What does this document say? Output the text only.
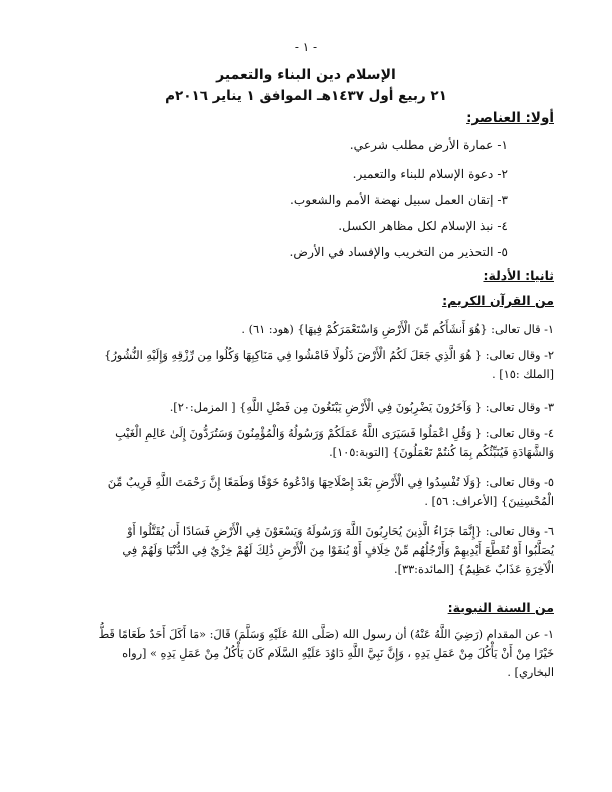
- ١ -
الإسلام دين البناء والتعمير
٢١ ربيع أول ١٤٣٧هـ الموافق ١ يناير ٢٠١٦م
أولا: العناصر:
١- عمارة الأرض مطلب شرعي.
٢- دعوة الإسلام للبناء والتعمير.
٣- إتقان العمل سبيل نهضة الأمم والشعوب.
٤- نبذ الإسلام لكل مظاهر الكسل.
٥- التحذير من التخريب والإفساد في الأرض.
ثانيا: الأدلة:
من القرآن الكريم:
١- قال تعالى: {هُوَ أَنشَأَكُم مِّنَ الْأَرْضِ وَاسْتَعْمَرَكُمْ فِيهَا} (هود: ٦١) .
٢- وقال تعالى: { هُوَ الَّذِي جَعَلَ لَكُمُ الْأَرْضَ ذَلُولًا فَامْشُوا فِي مَنَاكِبِهَا وَكُلُوا مِن رِّزْقِهِ وَإِلَيْهِ النُّشُورُ}
[الملك :١٥] .
٣- وقال تعالى: { وَآخَرُونَ يَضْرِبُونَ فِي الْأَرْضِ يَبْتَغُونَ مِن فَضْلِ اللَّهِ} [ المزمل:٢٠].
٤- وقال تعالى: { وَقُلِ اعْمَلُوا فَسَيَرَى اللَّهُ عَمَلَكُمْ وَرَسُولُهُ وَالْمُؤْمِنُونَ وَسَتُرَدُّونَ إِلَىٰ عَالِمِ الْغَيْبِ
وَالشَّهَادَةِ فَيُنَبِّئُكُم بِمَا كُنتُمْ تَعْمَلُونَ} [التوبة:١٠٥].
٥- وقال تعالى: {وَلَا تُفْسِدُوا فِي الْأَرْضِ بَعْدَ إِصْلَاحِهَا وَادْعُوهُ خَوْفًا وَطَمَعًا إِنَّ رَحْمَتَ اللَّهِ قَرِيبٌ مِّنَ
الْمُحْسِنِينَ} [الأعراف: ٥٦] .
٦- وقال تعالى: {إِنَّمَا جَزَاءُ الَّذِينَ يُحَارِبُونَ اللَّهَ وَرَسُولَهُ وَيَسْعَوْنَ فِي الْأَرْضِ فَسَادًا أَن يُقَتَّلُوا أَوْ
يُصَلَّبُوا أَوْ تُقَطَّعَ أَيْدِيهِمْ وَأَرْجُلُهُم مِّنْ خِلَافٍ أَوْ يُنفَوْا مِنَ الْأَرْضِ ذَٰلِكَ لَهُمْ خِزْيٌ فِي الدُّنْيَا وَلَهُمْ فِي
الْآخِرَةِ عَذَابٌ عَظِيمٌ} [المائدة:٣٣].
من السنة النبوية:
١- عن المقدام (رَضِيَ اللَّهُ عَنْهُ) أن رسول الله (صَلَّى اللهُ عَلَيْهِ وَسَلَّمَ) قَالَ: «مَا أَكَلَ أَحَدٌ طَعَامًا قَطُّ
خَيْرًا مِنْ أَنْ يَأْكُلَ مِنْ عَمَلِ يَدِهِ ، وَإِنَّ نَبِيَّ اللَّهِ دَاوُدَ عَلَيْهِ السَّلَام كَانَ يَأْكُلُ مِنْ عَمَلِ يَدِهِ » [رواه
البخاري] .
